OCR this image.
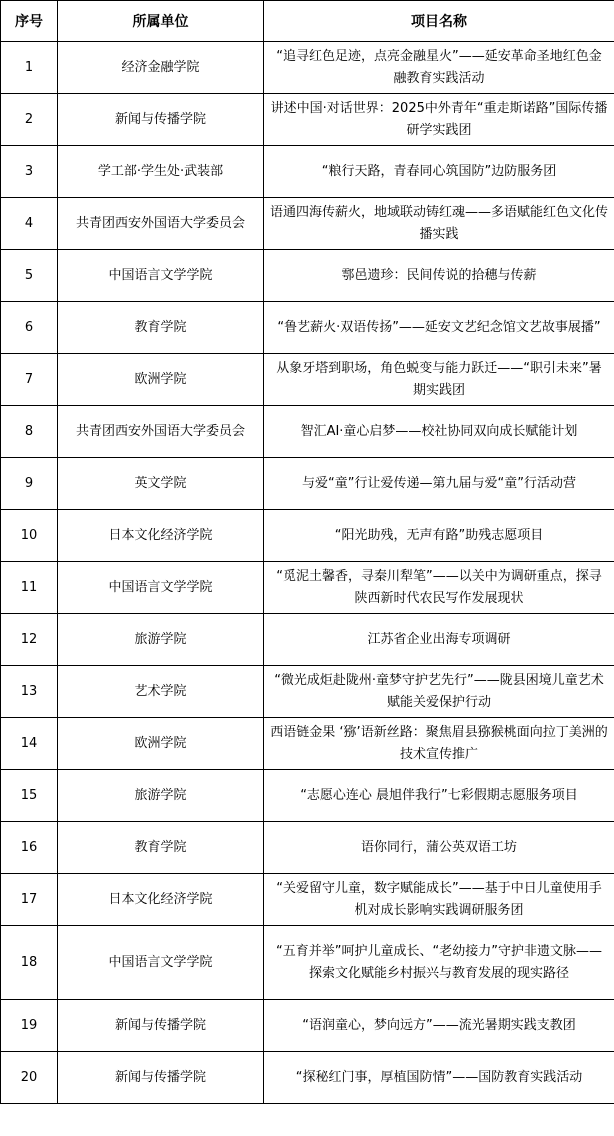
序号	所属单位	项目名称
1	经济金融学院	“追寻红色足迹，点亮金融星火”——延安革命圣地红色金融教育实践活动
2	新闻与传播学院	讲述中国·对话世界：2025中外青年“重走斯诺路”国际传播研学实践团
3	学工部·学生处·武装部	“粮行天路，青春同心筑国防”边防服务团
4	共青团西安外国语大学委员会	语通四海传薪火，地域联动铸红魂——多语赋能红色文化传播实践
5	中国语言文学学院	鄠邑遗珍：民间传说的拾穗与传薪
6	教育学院	“鲁艺薪火·双语传扬”——延安文艺纪念馆文艺故事展播”
7	欧洲学院	从象牙塔到职场，角色蜕变与能力跃迁——“职引未来”暑期实践团
8	共青团西安外国语大学委员会	智汇AI·童心启梦——校社协同双向成长赋能计划
9	英文学院	与爱“童”行让爱传递—第九届与爱“童”行活动营
10	日本文化经济学院	“阳光助残，无声有路”助残志愿项目
11	中国语言文学学院	“觅泥土馨香，寻秦川犁笔”——以关中为调研重点，探寻陕西新时代农民写作发展现状
12	旅游学院	江苏省企业出海专项调研
13	艺术学院	“微光成炬赴陇州·童梦守护艺先行”——陇县困境儿童艺术赋能关爱保护行动
14	欧洲学院	西语链金果 ‘猕’语新丝路：聚焦眉县猕猴桃面向拉丁美洲的技术宣传推广
15	旅游学院	“志愿心连心 晨旭伴我行”七彩假期志愿服务项目
16	教育学院	语你同行，蒲公英双语工坊
17	日本文化经济学院	“关爱留守儿童，数字赋能成长”——基于中日儿童使用手机对成长影响实践调研服务团
18	中国语言文学学院	“五育并举”呵护儿童成长、“老幼接力”守护非遗文脉——探索文化赋能乡村振兴与教育发展的现实路径
19	新闻与传播学院	“语润童心，梦向远方”——流光暑期实践支教团
20	新闻与传播学院	“探秘红门事，厚植国防情”——国防教育实践活动
